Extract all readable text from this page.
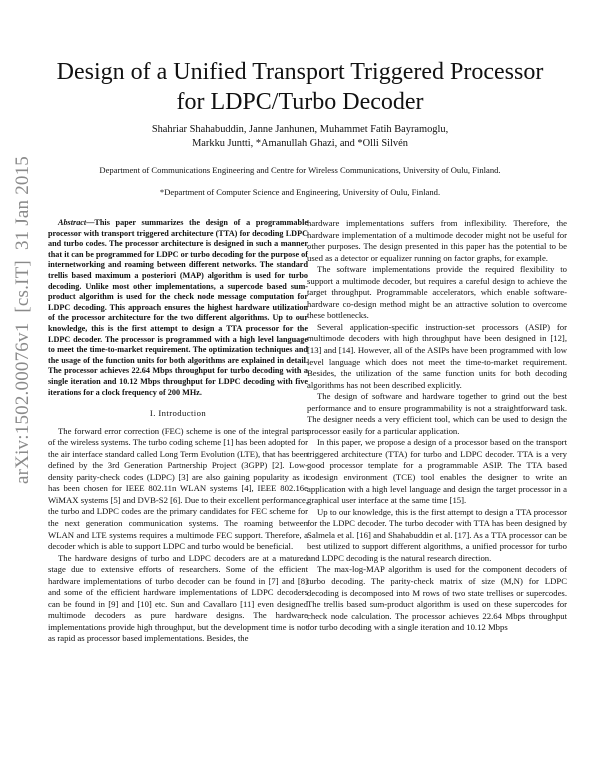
Design of a Unified Transport Triggered Processor
for LDPC/Turbo Decoder
Shahriar Shahabuddin, Janne Janhunen, Muhammet Fatih Bayramoglu,
Markku Juntti, *Amanullah Ghazi, and *Olli Silvén
Department of Communications Engineering and Centre for Wireless Communications, University of Oulu, Finland.
*Department of Computer Science and Engineering, University of Oulu, Finland.
arXiv:1502.00076v1[cs.IT]31 Jan 2015	Abstract—This paper summarizes the design of a programmable processor with transport triggered architecture (TTA) for decoding LDPC and turbo codes. The processor architecture is designed in such a manner that it can be programmed for LDPC or turbo decoding for the purpose of internetworking and roaming between different networks. The standard trellis based maximum a posteriori (MAP) algorithm is used for turbo decoding. Unlike most other implementations, a supercode based sum-product algorithm is used for the check node message computation for LDPC decoding. This approach ensures the highest hardware utilization of the processor architecture for the two different algorithms. Up to our knowledge, this is the first attempt to design a TTA processor for the LDPC decoder. The processor is programmed with a high level language to meet the time-to-market requirement. The optimization techniques and the usage of the function units for both algorithms are explained in detail. The processor achieves 22.64 Mbps throughput for turbo decoding with a single iteration and 10.12 Mbps throughput for LDPC decoding with five iterations for a clock frequency of 200 MHz.

I. Introduction

The forward error correction (FEC) scheme is one of the integral parts of the wireless systems. The turbo coding scheme [1] has been adopted for the air interface standard called Long Term Evolution (LTE), that has been defined by the 3rd Generation Partnership Project (3GPP) [2]. Low-density parity-check codes (LDPC) [3] are also gaining popularity as it has been chosen for IEEE 802.11n WLAN systems [4], IEEE 802.16e WiMAX systems [5] and DVB-S2 [6]. Due to their excellent performance, the turbo and LDPC codes are the primary candidates for FEC scheme for the next generation communication systems. The roaming between WLAN and LTE systems requires a multimode FEC support. Therefore, a decoder which is able to support LDPC and turbo would be beneficial.

The hardware designs of turbo and LDPC decoders are at a matured stage due to extensive efforts of researchers. Some of the efficient hardware implementations of turbo decoder can be found in [7] and [8] and some of the efficient hardware implementations of LDPC decoders can be found in [9] and [10] etc. Sun and Cavallaro [11] even designed multimode decoders as pure hardware designs. The hardware implementations provide high throughput, but the development time is not as rapid as processor based implementations. Besides, the

hardware implementations suffers from inflexibility. Therefore, the hardware implementation of a multimode decoder might not be useful for other purposes. The design presented in this paper has the potential to be used as a detector or equalizer running on factor graphs, for example.

The software implementations provide the required flexibility to support a multimode decoder, but requires a careful design to achieve the target throughput. Programmable accelerators, which enable software-hardware co-design method might be an attractive solution to overcome these bottlenecks.

Several application-specific instruction-set processors (ASIP) for multimode decoders with high throughput have been designed in [12], [13] and [14]. However, all of the ASIPs have been programmed with low level language which does not meet the time-to-market requirement. Besides, the utilization of the same function units for both decoding algorithms has not been described explicitly.

The design of software and hardware together to grind out the best performance and to ensure programmability is not a straightforward task. The designer needs a very efficient tool, which can be used to design the processor easily for a particular application.

In this paper, we propose a design of a processor based on the transport triggered architecture (TTA) for turbo and LDPC decoder. TTA is a very good processor template for a programmable ASIP. The TTA based codesign environment (TCE) tool enables the designer to write an application with a high level language and design the target processor in a graphical user interface at the same time [15].

Up to our knowledge, this is the first attempt to design a TTA processor for the LDPC decoder. The turbo decoder with TTA has been designed by Salmela et al. [16] and Shahabuddin et al. [17]. As a TTA processor can be best utilized to support different algorithms, a unified processor for turbo and LDPC decoding is the natural research direction.

The max-log-MAP algorithm is used for the component decoders of turbo decoding. The parity-check matrix of size (M,N) for LDPC decoding is decomposed into M rows of two state trellises or supercodes. The trellis based sum-product algorithm is used on these supercodes for check node calculation. The processor achieves 22.64 Mbps throughput for turbo decoding with a single iteration and 10.12 Mbps
